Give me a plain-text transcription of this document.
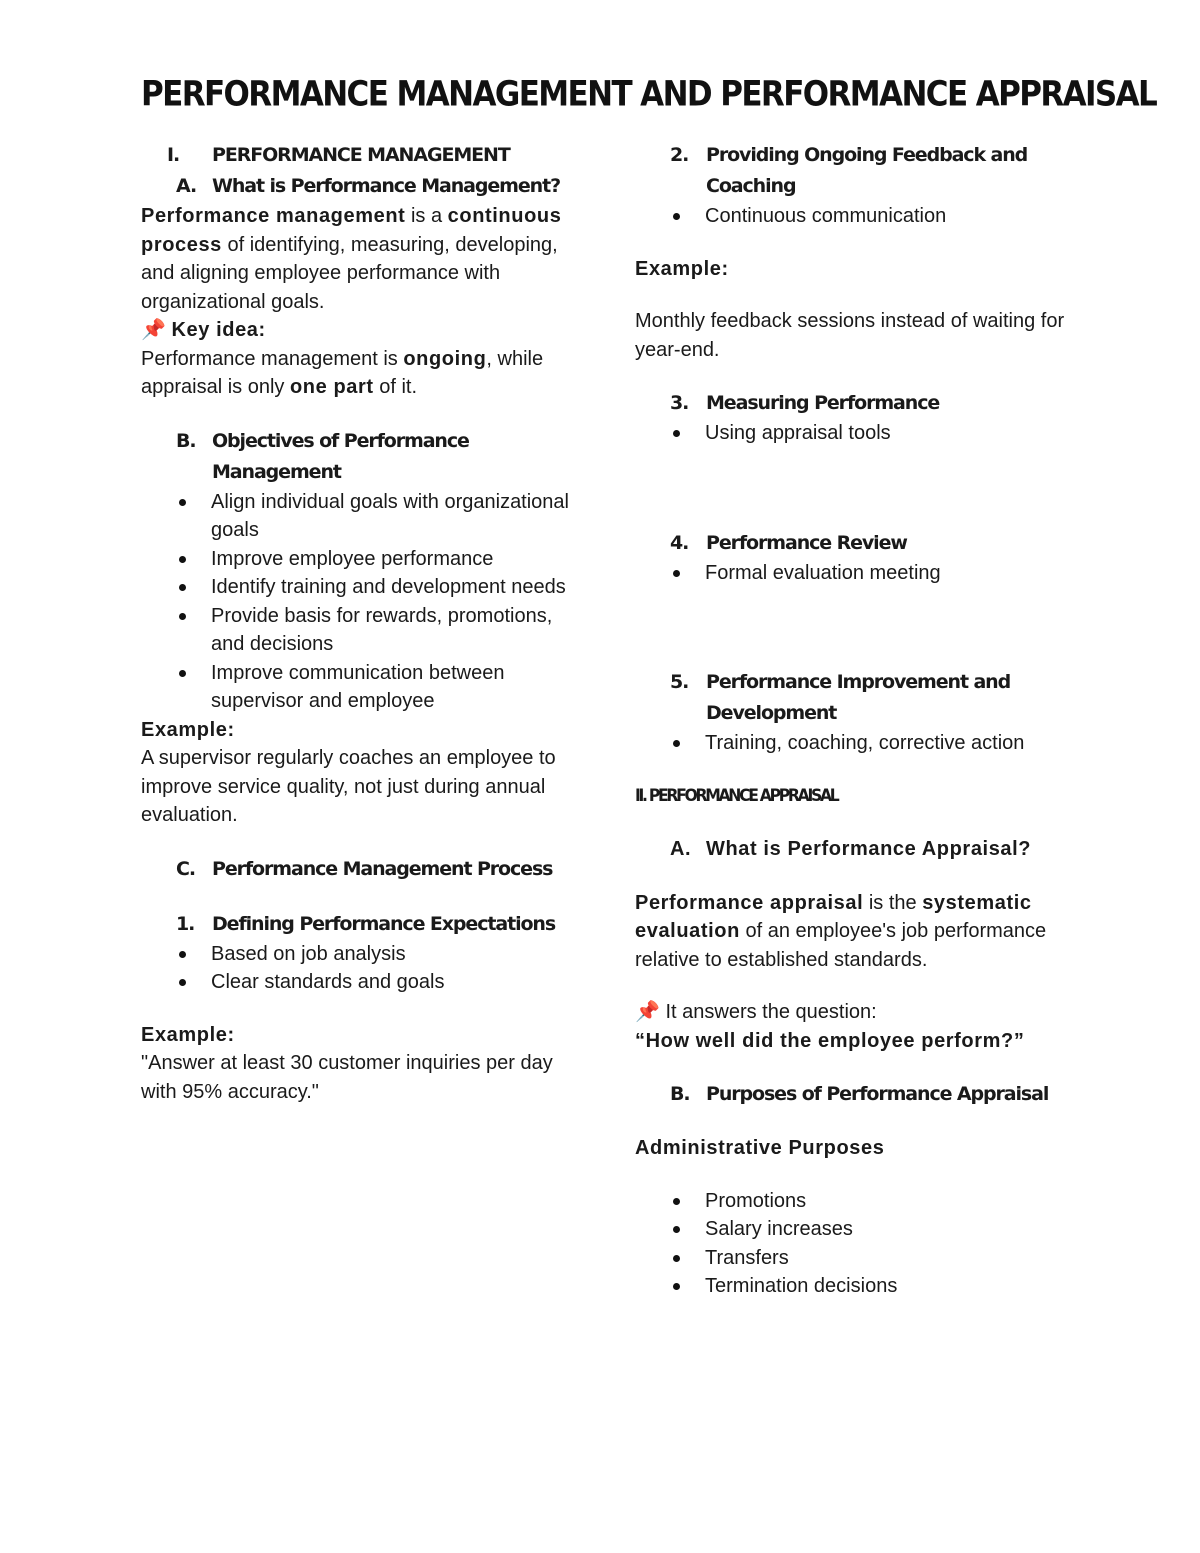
PERFORMANCE MANAGEMENT AND PERFORMANCE APPRAISAL
I. PERFORMANCE MANAGEMENT
A. What is Performance Management?

Performance management is a continuous process of identifying, measuring, developing, and aligning employee performance with organizational goals.

📌 Key idea:

Performance management is ongoing, while appraisal is only one part of it.

B. Objectives of Performance Management
Align individual goals with organizational goals
Improve employee performance
Identify training and development needs
Provide basis for rewards, promotions, and decisions
Improve communication between supervisor and employee

Example:

A supervisor regularly coaches an employee to improve service quality, not just during annual evaluation.

C. Performance Management Process
1. Defining Performance Expectations
Based on job analysis
Clear standards and goals

Example:

"Answer at least 30 customer inquiries per day with 95% accuracy."

2. Providing Ongoing Feedback and Coaching
Continuous communication

Example:

Monthly feedback sessions instead of waiting for year-end.

3. Measuring Performance
Using appraisal tools
4. Performance Review
Formal evaluation meeting
5. Performance Improvement and Development
Training, coaching, corrective action

II. PERFORMANCE APPRAISAL

A. What is Performance Appraisal?

Performance appraisal is the systematic evaluation of an employee's job performance relative to established standards.

📌 It answers the question:

“How well did the employee perform?”

B. Purposes of Performance Appraisal

Administrative Purposes

Promotions
Salary increases
Transfers
Termination decisions
